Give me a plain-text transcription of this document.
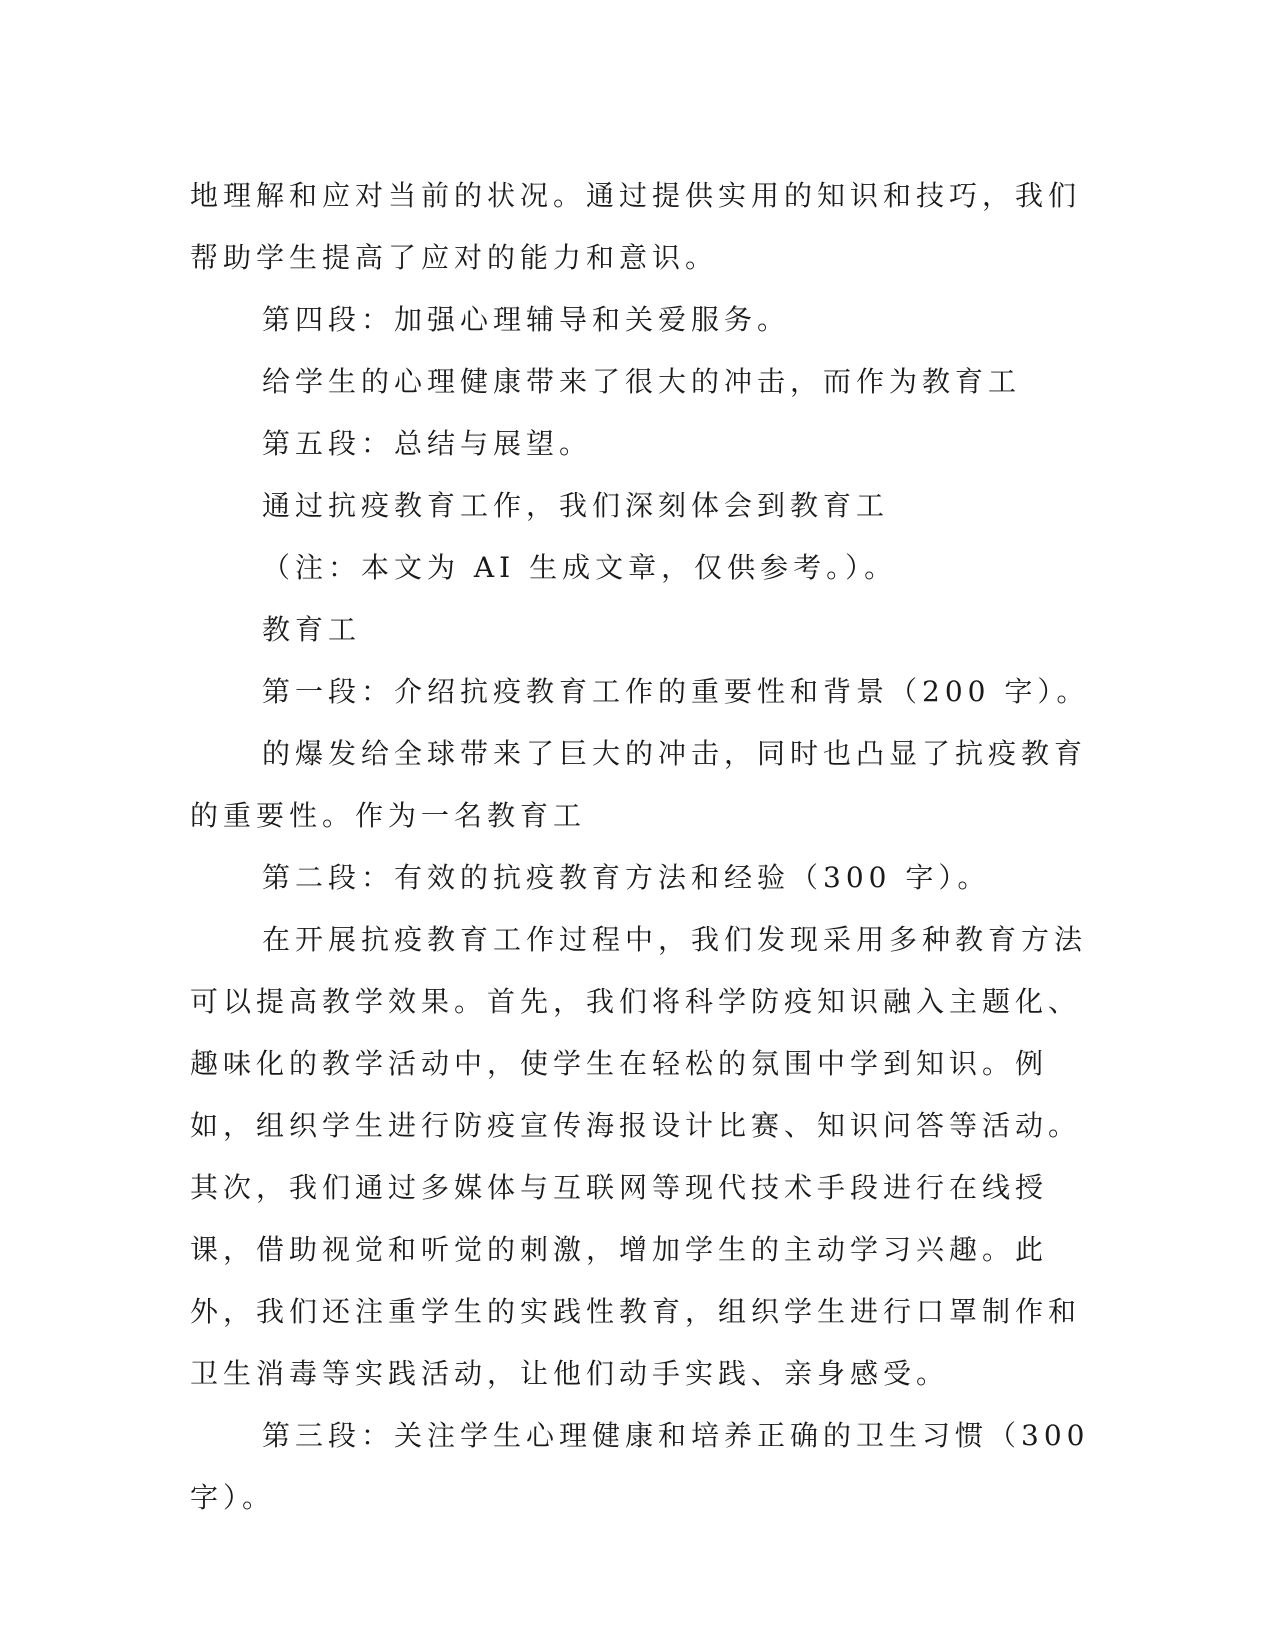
地理解和应对当前的状况。通过提供实用的知识和技巧，我们帮助学生提高了应对的能力和意识。

第四段：加强心理辅导和关爱服务。

给学生的心理健康带来了很大的冲击，而作为教育工

第五段：总结与展望。

通过抗疫教育工作，我们深刻体会到教育工

（注：本文为 AI 生成文章，仅供参考。）。

教育工

第一段：介绍抗疫教育工作的重要性和背景（200 字）。

的爆发给全球带来了巨大的冲击，同时也凸显了抗疫教育的重要性。作为一名教育工

第二段：有效的抗疫教育方法和经验（300 字）。

在开展抗疫教育工作过程中，我们发现采用多种教育方法可以提高教学效果。首先，我们将科学防疫知识融入主题化、趣味化的教学活动中，使学生在轻松的氛围中学到知识。例如，组织学生进行防疫宣传海报设计比赛、知识问答等活动。其次，我们通过多媒体与互联网等现代技术手段进行在线授课，借助视觉和听觉的刺激，增加学生的主动学习兴趣。此外，我们还注重学生的实践性教育，组织学生进行口罩制作和卫生消毒等实践活动，让他们动手实践、亲身感受。

第三段：关注学生心理健康和培养正确的卫生习惯（300 字）。
